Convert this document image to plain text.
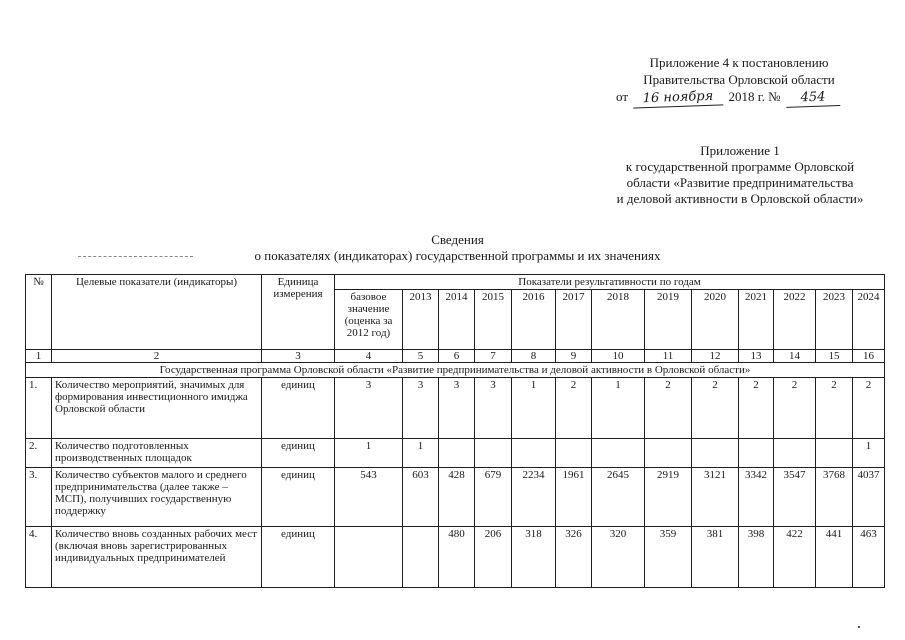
Приложение 4 к постановлению
Правительства Орловской области
от 16 ноября 2018 г. № 454
Приложение 1
к государственной программе Орловской
области «Развитие предпринимательства
и деловой активности в Орловской области»
Сведения
о показателях (индикаторах) государственной программы и их значениях
№	Целевые показатели (индикаторы)	Единица измерения	Показатели результативности по годам												
			базовое значение (оценка за 2012 год)	2013	2014	2015	2016	2017	2018	2019	2020	2021	2022	2023	2024
1	2	3	4	5	6	7	8	9	10	11	12	13	14	15	16
Государственная программа Орловской области «Развитие предпринимательства и деловой активности в Орловской области»															
1.	Количество мероприятий, значимых для формирования инвестиционного имиджа Орловской области	единиц	3	3	3	3	1	2	1	2	2	2	2	2	2
2.	Количество подготовленных производственных площадок	единиц	1	1											1
3.	Количество субъектов малого и среднего предпринимательства (далее также – МСП), получивших государственную поддержку	единиц	543	603	428	679	2234	1961	2645	2919	3121	3342	3547	3768	4037
4.	Количество вновь созданных рабочих мест (включая вновь зарегистрированных индивидуальных предпринимателей	единиц			480	206	318	326	320	359	381	398	422	441	463
